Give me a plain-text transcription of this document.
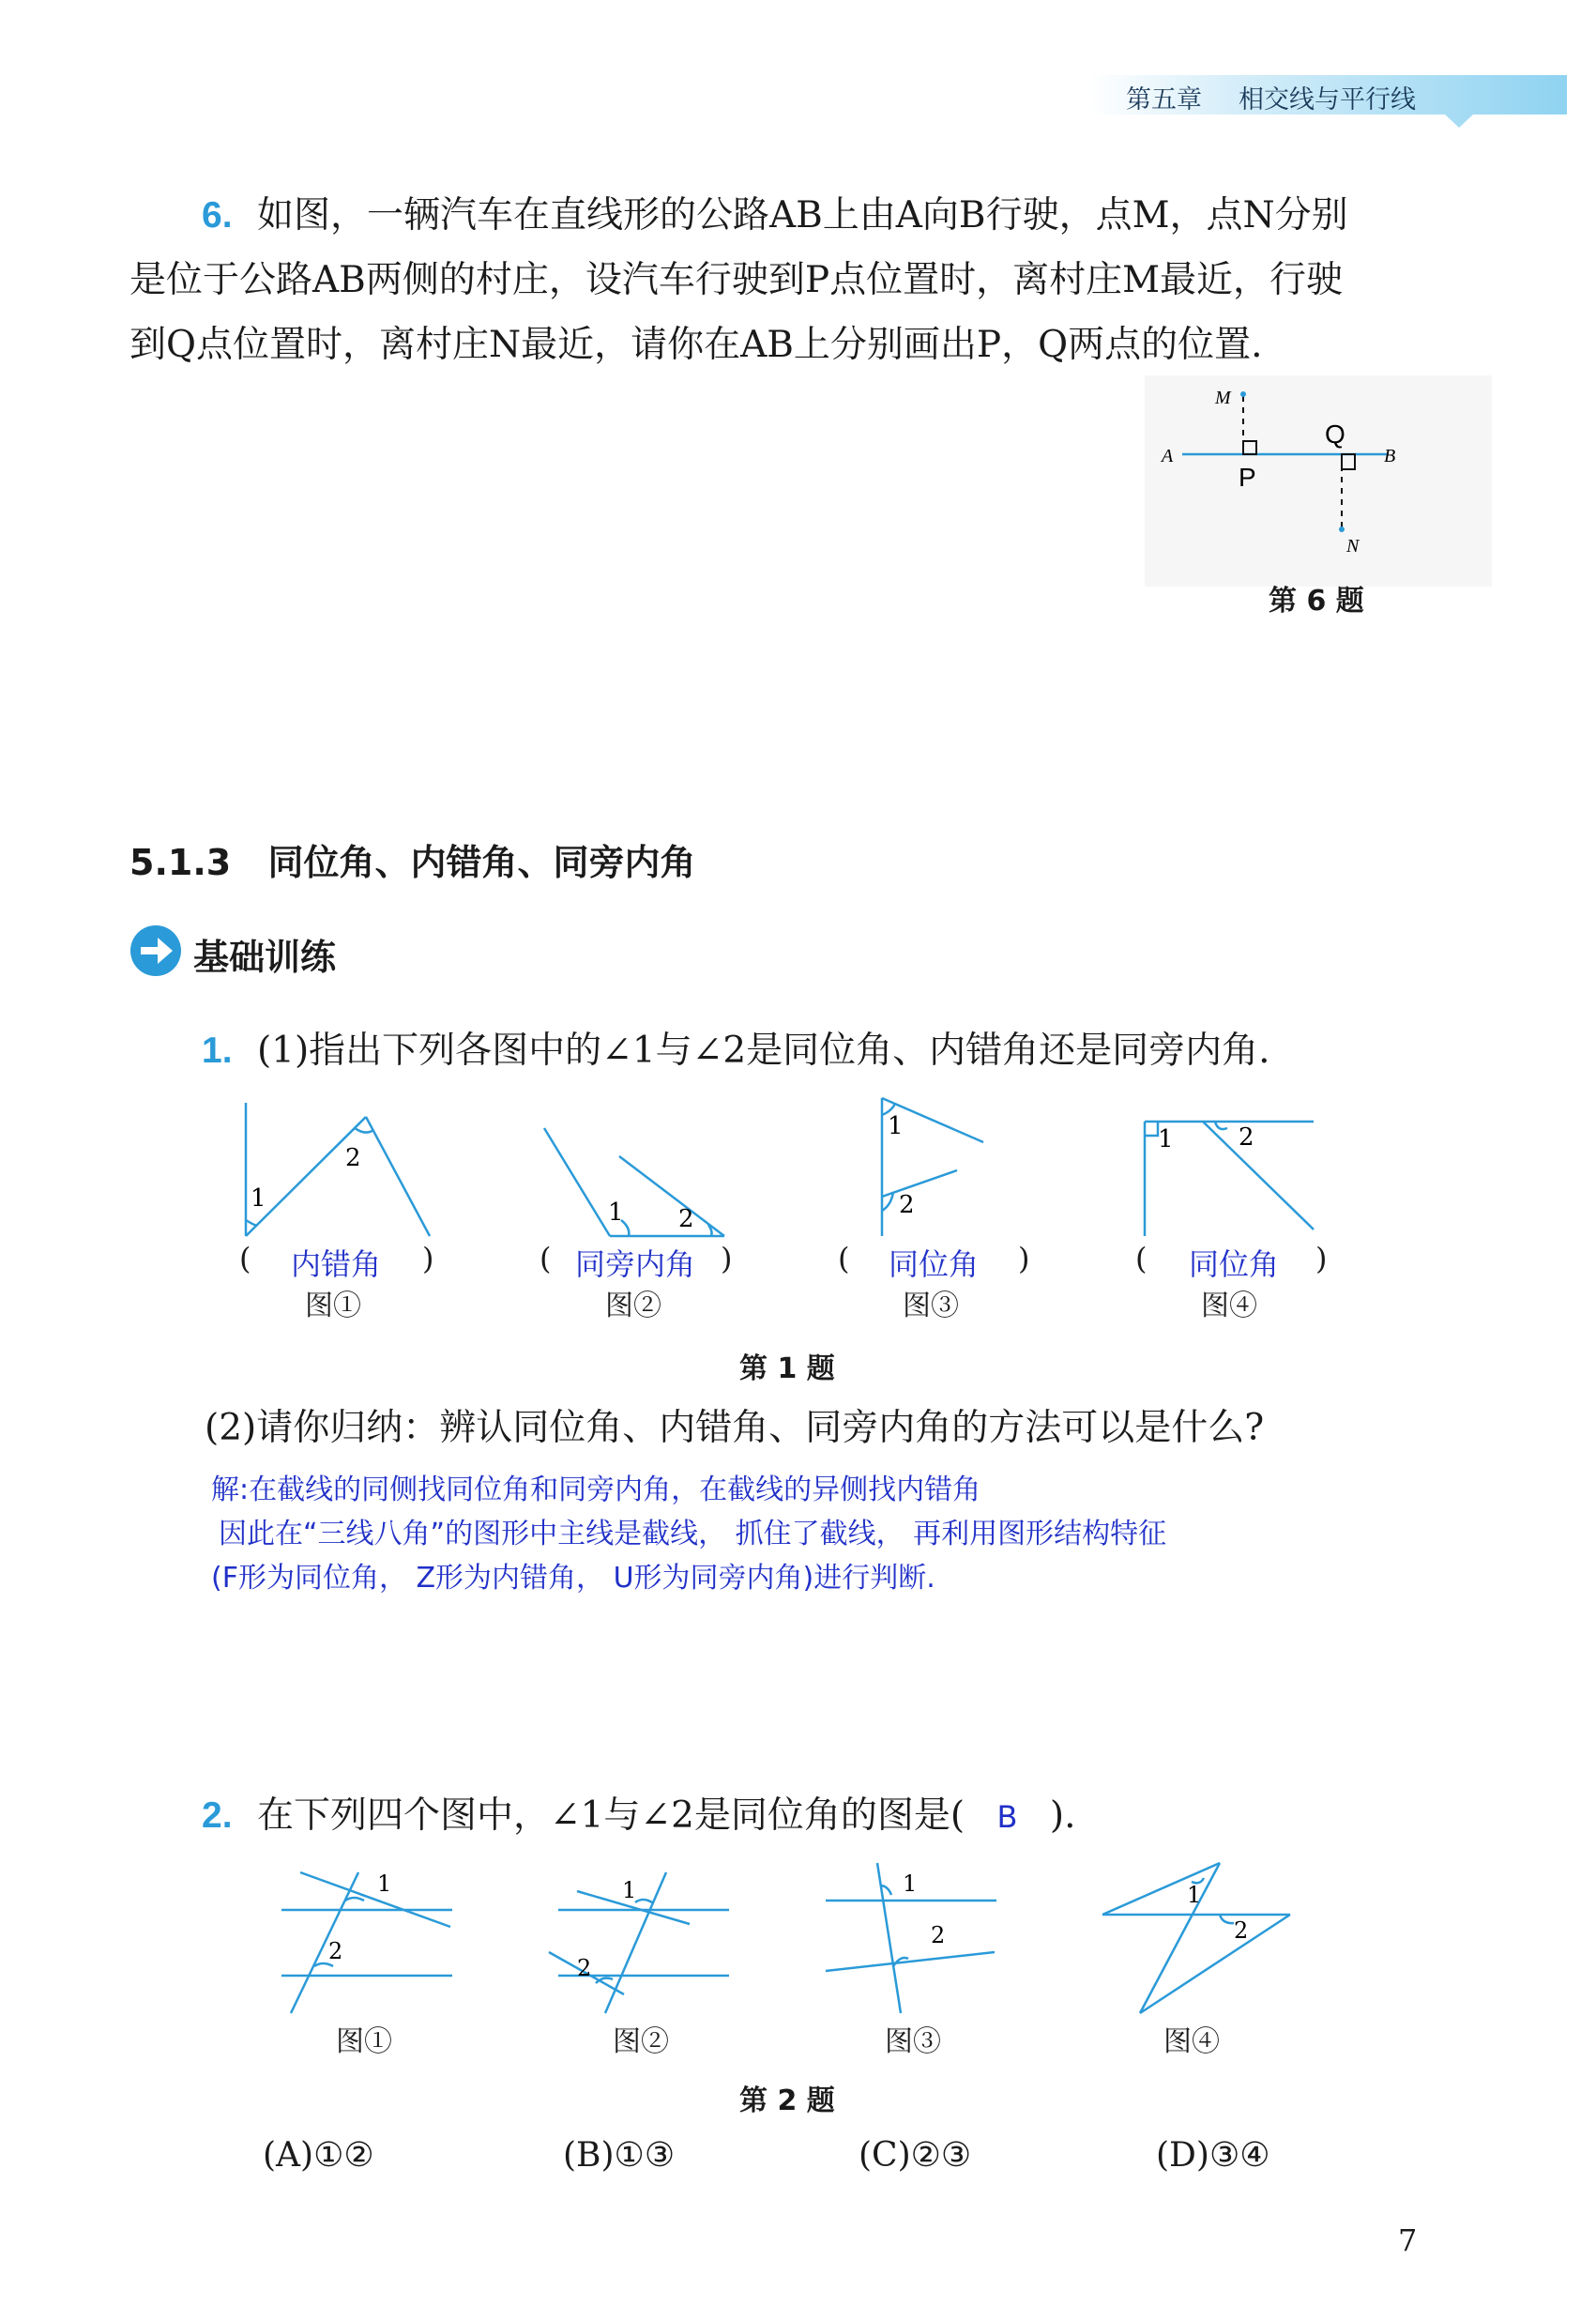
第五章 相交线与平行线
6. 如图，一辆汽车在直线形的公路AB上由A向B行驶，点M，点N分别
是位于公路AB两侧的村庄，设汽车行驶到P点位置时，离村庄M最近，行驶
到Q点位置时，离村庄N最近，请你在AB上分别画出P，Q两点的位置.
M
A	B
N
P
Q
第 6 题
5.1.3 同位角、内错角、同旁内角
基础训练
1. (1)指出下列各图中的∠1与∠2是同位角、内错角还是同旁内角.
1
2
1 2
1
2
1	2
( 内错角 )	( 同旁内角 )	( 同位角 )	( 同位角 )
图①	图②	图③	图④
第 1 题
(2)请你归纳：辨认同位角、内错角、同旁内角的方法可以是什么?
解:在截线的同侧找同位角和同旁内角，在截线的异侧找内错角
因此在“三线八角”的图形中主线是截线， 抓住了截线， 再利用图形结构特征
(F形为同位角， Z形为内错角， U形为同旁内角)进行判断.
2. 在下列四个图中，∠1与∠2是同位角的图是( B ).
1
2
1
2
1
2
1
2
图①	图②	图③	图④
第 2 题
(A)①②	(B)①③	(C)②③	(D)③④
7
